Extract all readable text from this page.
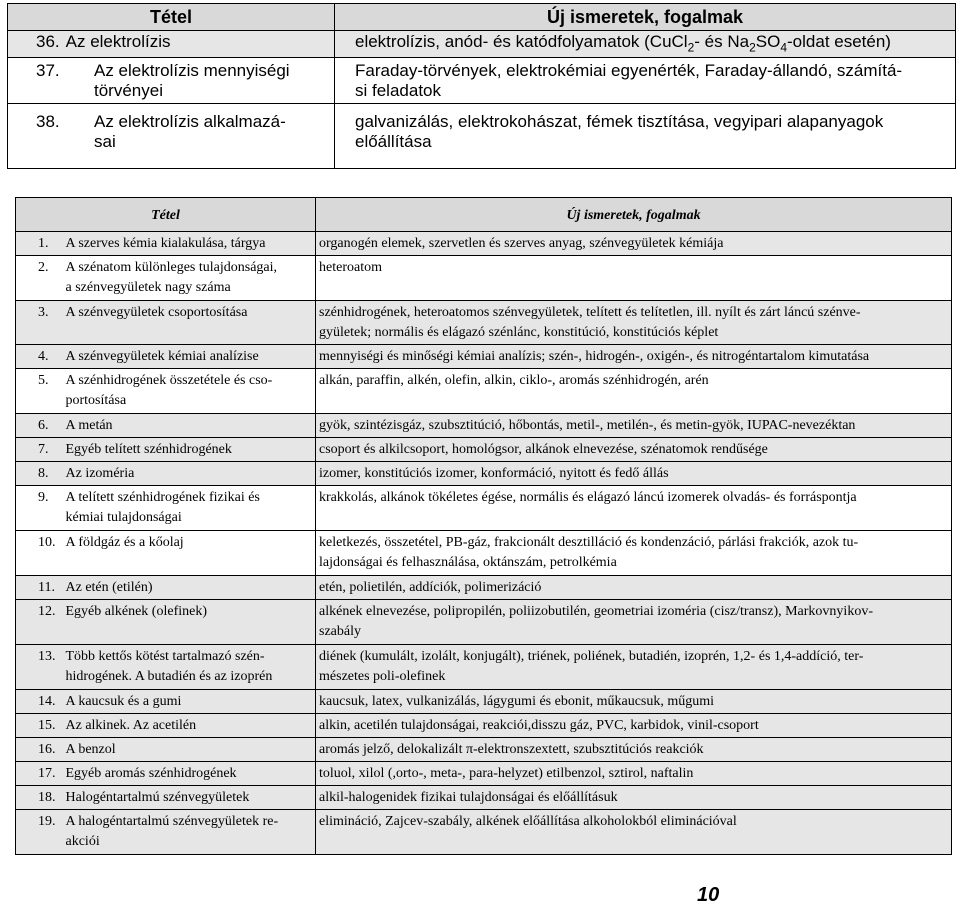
Tétel	Új ismeretek, fogalmak
36. Az elektrolízis	elektrolízis, anód- és katódfolyamatok (CuCl$_2$- és $Na_2SO_4$-oldat esetén)

37. Az elektrolízis mennyiségi
törvényei	Faraday-törvények, elektrokémiai egyenérték, Faraday-állandó, számítá-
si feladatok

38. Az elektrolízis alkalmazá-
sai	galvanizálás, elektrokohászat, fémek tisztítása, vegyipari alapanyagok
előállítása
Tétel		Új ismeretek, fogalmak
1.	A szerves kémia kialakulása, tárgya	organogén elemek, szervetlen és szerves anyag, szénvegyületek kémiája
2.	A szénatom különleges tulajdonságai,
a szénvegyületek nagy száma	heteroatom
3.	A szénvegyületek csoportosítása	szénhidrogének, heteroatomos szénvegyületek, telített és telítetlen, ill. nyílt és zárt láncú szénve-
gyületek; normális és elágazó szénlánc, konstitúció, konstitúciós képlet
4.	A szénvegyületek kémiai analízise	mennyiségi és minőségi kémiai analízis; szén-, hidrogén-, oxigén-, és nitrogéntartalom kimutatása
5.	A szénhidrogének összetétele és cso-
portosítása	alkán, paraffin, alkén, olefin, alkin, ciklo-, aromás szénhidrogén, arén
6.	A metán	gyök, szintézisgáz, szubsztitúció, hőbontás, metil-, metilén-, és metin-gyök, IUPAC-nevezéktan
7.	Egyéb telített szénhidrogének	csoport és alkilcsoport, homológsor, alkánok elnevezése, szénatomok rendűsége
8.	Az izoméria	izomer, konstitúciós izomer, konformáció, nyitott és fedő állás
9.	A telített szénhidrogének fizikai és
kémiai tulajdonságai	krakkolás, alkánok tökéletes égése, normális és elágazó láncú izomerek olvadás- és forráspontja
10.	A földgáz és a kőolaj	keletkezés, összetétel, PB-gáz, frakcionált desztilláció és kondenzáció, párlási frakciók, azok tu-
lajdonságai és felhasználása, oktánszám, petrolkémia
11.	Az etén (etilén)	etén, polietilén, addíciók, polimerizáció
12.	Egyéb alkének (olefinek)	alkének elnevezése, polipropilén, poliizobutilén, geometriai izoméria (cisz/transz), Markovnyikov-
szabály
13.	Több kettős kötést tartalmazó szén-
hidrogének. A butadién és az izoprén	diének (kumulált, izolált, konjugált), triének, poliének, butadién, izoprén, 1,2- és 1,4-addíció, ter-
mészetes poli-olefinek
14.	A kaucsuk és a gumi	kaucsuk, latex, vulkanizálás, lágygumi és ebonit, műkaucsuk, műgumi
15.	Az alkinek. Az acetilén	alkin, acetilén tulajdonságai, reakciói,disszu gáz, PVC, karbidok, vinil-csoport
16.	A benzol	aromás jelző, delokalizált π-elektronszextett, szubsztitúciós reakciók
17.	Egyéb aromás szénhidrogének	toluol, xilol (,orto-, meta-, para-helyzet) etilbenzol, sztirol, naftalin
18.	Halogéntartalmú szénvegyületek	alkil-halogenidek fizikai tulajdonságai és előállításuk
19.	A halogéntartalmú szénvegyületek re-
akciói	elimináció, Zajcev-szabály, alkének előállítása alkoholokból eliminációval
10
